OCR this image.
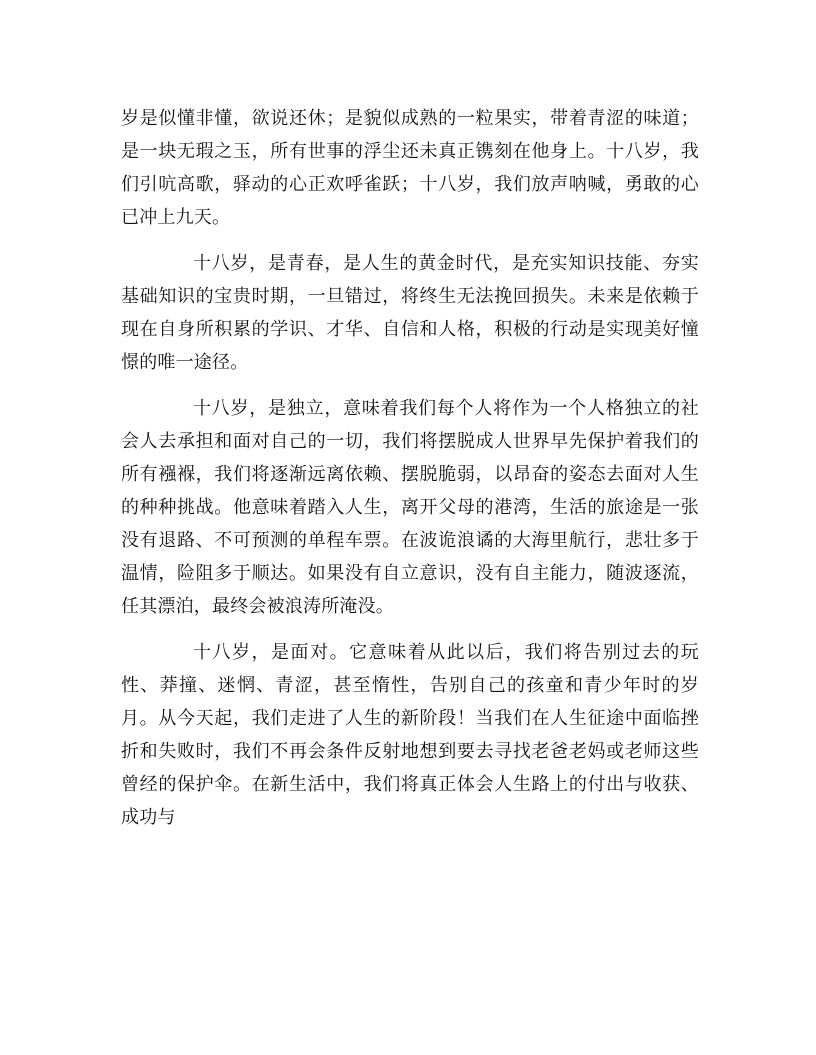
岁是似懂非懂，欲说还休；是貌似成熟的一粒果实，带着青涩的味道；是一块无瑕之玉，所有世事的浮尘还未真正镌刻在他身上。十八岁，我们引吭高歌，驿动的心正欢呼雀跃；十八岁，我们放声呐喊，勇敢的心已冲上九天。

十八岁，是青春，是人生的黄金时代，是充实知识技能、夯实基础知识的宝贵时期，一旦错过，将终生无法挽回损失。未来是依赖于现在自身所积累的学识、才华、自信和人格，积极的行动是实现美好憧憬的唯一途径。

十八岁，是独立，意味着我们每个人将作为一个人格独立的社会人去承担和面对自己的一切，我们将摆脱成人世界早先保护着我们的所有襁褓，我们将逐渐远离依赖、摆脱脆弱，以昂奋的姿态去面对人生的种种挑战。他意味着踏入人生，离开父母的港湾，生活的旅途是一张没有退路、不可预测的单程车票。在波诡浪谲的大海里航行，悲壮多于温情，险阻多于顺达。如果没有自立意识，没有自主能力，随波逐流，任其漂泊，最终会被浪涛所淹没。

十八岁，是面对。它意味着从此以后，我们将告别过去的玩性、莽撞、迷惘、青涩，甚至惰性，告别自己的孩童和青少年时的岁月。从今天起，我们走进了人生的新阶段！当我们在人生征途中面临挫折和失败时，我们不再会条件反射地想到要去寻找老爸老妈或老师这些曾经的保护伞。在新生活中，我们将真正体会人生路上的付出与收获、成功与
